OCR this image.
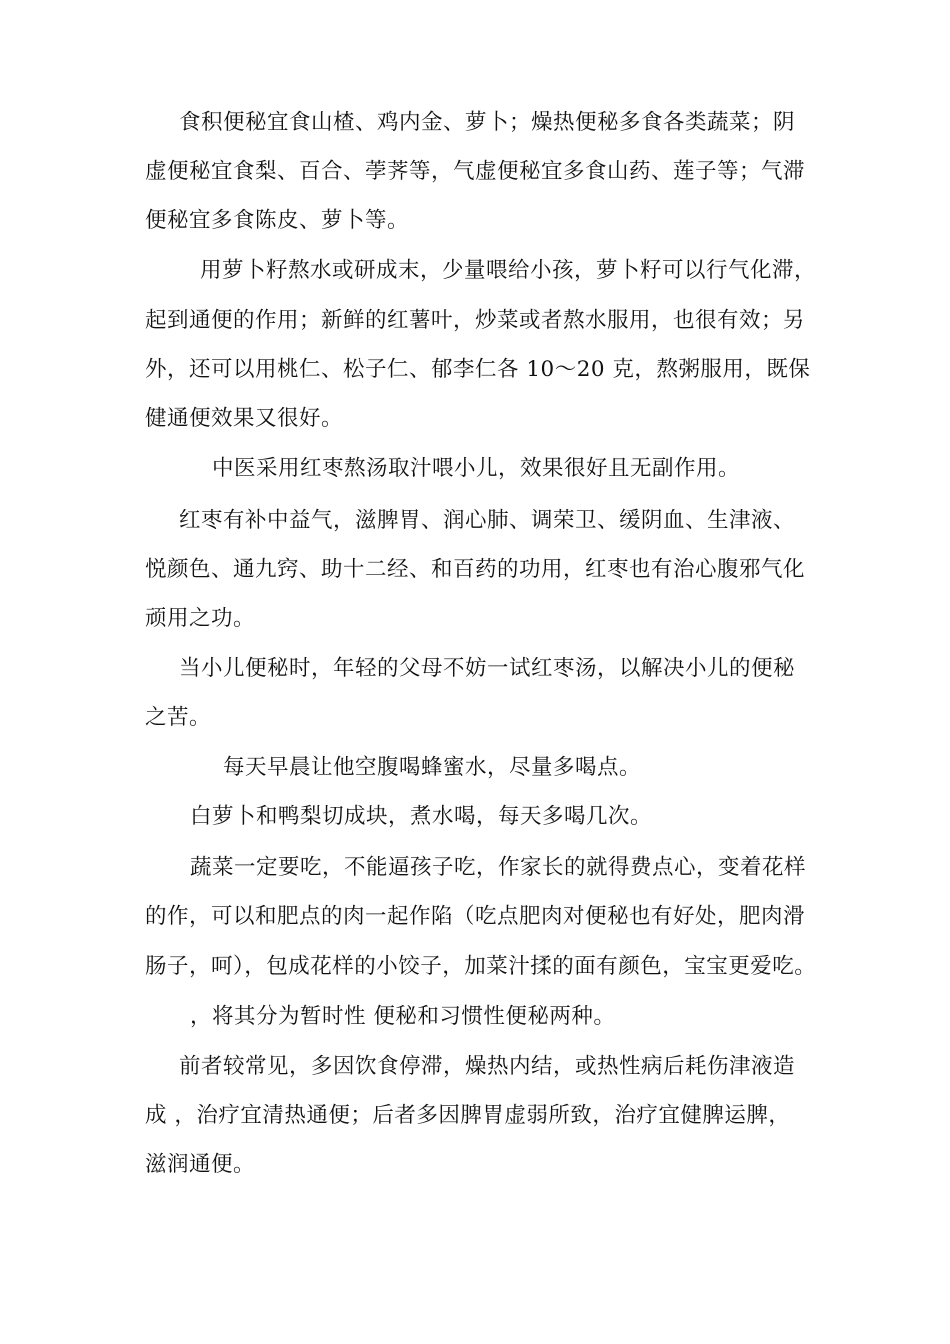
食积便秘宜食山楂、鸡内金、萝卜；燥热便秘多食各类蔬菜；阴
虚便秘宜食梨、百合、荸荠等，气虚便秘宜多食山药、莲子等；气滞
便秘宜多食陈皮、萝卜等。
用萝卜籽熬水或研成末，少量喂给小孩，萝卜籽可以行气化滞，
起到通便的作用；新鲜的红薯叶，炒菜或者熬水服用，也很有效；另
外，还可以用桃仁、松子仁、郁李仁各 10～20 克，熬粥服用，既保
健通便效果又很好。
中医采用红枣熬汤取汁喂小儿，效果很好且无副作用。
红枣有补中益气，滋脾胃、润心肺、调荣卫、缓阴血、生津液、
悦颜色、通九窍、助十二经、和百药的功用，红枣也有治心腹邪气化
顽用之功。
当小儿便秘时，年轻的父母不妨一试红枣汤，以解决小儿的便秘
之苦。
每天早晨让他空腹喝蜂蜜水，尽量多喝点。
白萝卜和鸭梨切成块，煮水喝，每天多喝几次。
蔬菜一定要吃，不能逼孩子吃，作家长的就得费点心，变着花样
的作，可以和肥点的肉一起作陷（吃点肥肉对便秘也有好处，肥肉滑
肠子，呵），包成花样的小饺子，加菜汁揉的面有颜色，宝宝更爱吃。
，将其分为暂时性 便秘和习惯性便秘两种。
前者较常见，多因饮食停滞，燥热内结，或热性病后耗伤津液造
成 ，治疗宜清热通便；后者多因脾胃虚弱所致，治疗宜健脾运脾，
滋润通便。
